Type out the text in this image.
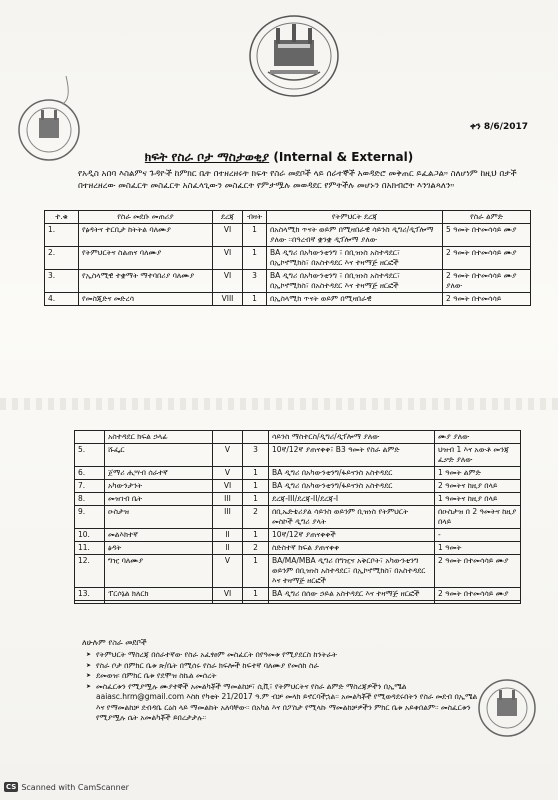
ቀን 8/6/2017
ክፍት የስራ ቦታ ማስታወቂያ (Internal & External)
የአዲስ አበባ እስልምና ጉዳዮች ከምክር ቤት በተዘረዘሩት ክፍት የስራ መደቦች ላይ ሰራተኞች አወዳድሮ መቅጠር ይፈልጋል። ስለሆነም ከዚህ በታች በተዘረዘረው መስፈርት መስፈርት አስፈላጊውን መስፈርት የምታሟሉ መወዳደር የምትችሉ መሆኑን በአክብሮት እንገልጻለን።
ተ.ቁ	የስራ መደቡ መጠሪያ	ደረጃ	ብዛት	የትምህርት ደረጃ	የስራ ልምድ
1.	የፅዳትና ተርቢታ ከትትል ባለሙያ	VI	1	በአስላሚክ ጥናት ወይም በሚዛበራዊ ሳይንስ ዲግሪ/ዲፕሎማ ያለው ።በዓረብኛ ቋንቋ ዲፕሎማ ያለው	5 ዓመት በተመሳሳይ ሙያ
2.	የትምህርትና ስልጠና ባለሙያ	VI	1	BA ዲግሪ በአካውንቲንግ ፣ በቢዝነስ አስተዳደር፣ በኢኮኖሚክስ፣ በአስተዳደር እና ተዛማጅ ዘርፎች	2 ዓመት በተመሳሳይ ሙያ
3.	የኢስላሚዊ ተቋማት ማተባበሪያ ባለሙያ	VI	3	BA ዲግሪ በአካውንቲንግ ፣ በቢዝነስ አስተዳደር፣ በኢኮኖሚክስ፣ በአስተዳደር እና ተዛማጅ ዘርፎች	2 ዓመት በተመሳሳይ ሙያ ያለው
4.	የመስጂድና መድረሳ	VIII	1	በኢስላሚክ ጥናት ወይም በሚዛበራዊ	2 ዓመት በተመሳሳይ
	አስተዳደር ክፍል ኃላፊ			ሳይንስ ማስተርስ/ዲግሪ/ዲፕሎማ ያለው	ሙያ ያለው
5.	ሹፌር	V	3	10ኛ/12ኛ ያጠናቀቀ፣ B3 ዓመት የስራ ልምድ	ህዝብ 1 እና አውቶ መንጃ ፈቃድ ያለው
6.	ጀማሪ ሒሣብ ሰራተኛ	V	1	BA ዲግሪ በአካውንቲንግ/ፋይናንስ አስተዳደር	1 ዓመት ልምድ
7.	አካውንታንት	VI	1	BA ዲግሪ በአካውንቲንግ/ፋይናንስ አስተዳደር	2 ዓመትና ከዚያ በላይ
8.	መዝገብ ቤት	III	1	ደረጃ-III/ደረጃ-II/ደረጃ-I	1 ዓመትና ከዚያ በላይ
9.	ዑስታዝ	III	2	በቢኤድቴሪያል ሳይንስ ወይንም ቢዝነስ የትምህርት መስኮች ዲግሪ ያላት	በዑስታዝ በ 2 ዓመትና ከዚያ በላይ
10.	መልእክተኛ	II	1	10ኛ/12ኛ ያጠናቀቀች	-
11.	ፅዳት	II	2	ስድስተኛ ክፍል ያጠናቀቀ	1 ዓመት
12.	ግዢ ባለሙያ	V	1	BA/MA/MBA ዲግሪ በግዢና አቅርቦት፣ አካውንቲንግ ወይንም በቢዝነስ አስተዳደር፣ በኢኮኖሚክስ፣ በአስተዳደር እና ተዛማጅ ዘርፎች	2 ዓመት በተመሳሳይ ሙያ
13.	ፐርሶኔል ክለርክ	VI	1	BA ዲግሪ በሰው ኃይል አስተዳደር እና ተዛማጅ ዘርፎች	2 ዓመት በተመሳሳይ ሙያ

ለሁሉም የስራ መደቦች
➤ የትምህርት ማስረጃ በሰራተኛው የስራ አፈፃፀም መስፈርት በየዓመቱ የሚያደርስ ከንትራት
➤ የስራ ቦታ በምክር ቤቱ ጽ/ቤት በሚሰሩ የስራ ክፍሎች ከፍተኛ ባለሙያ የመሰከ ስራ
➤ ደመወዝ፡ በምክር ቤቱ የደሞዝ ስኬል መሰረት
➤ መስፈርቱን የሚያሟሉ ሙያተኞች አመልካቾች ማመልከቻ፣ ሲቪ፣ የትምህርትና የስራ ልምድ ማስረጃዎችን በኢሜል aaiasc.hrm@gmail.com እስከ የካቲት 21/2017 ዓ.ም ብቻ መላክ ይኖርባችኋል። አመልካቾች የሚወዳደሩበትን የስራ መደብ በኢሜል እና የማመልከቻ ደብዳቤ ርዕስ ላይ ማመልከት አለባቸው። በአካል እና በፖስታ የሚላኩ ማመልከቻዎችን ምክር ቤቱ አይቀበልም። መስፈርቱን የሚያሟሉ ሴት አመልካቾች ይበረታታሉ።
CS Scanned with CamScanner
